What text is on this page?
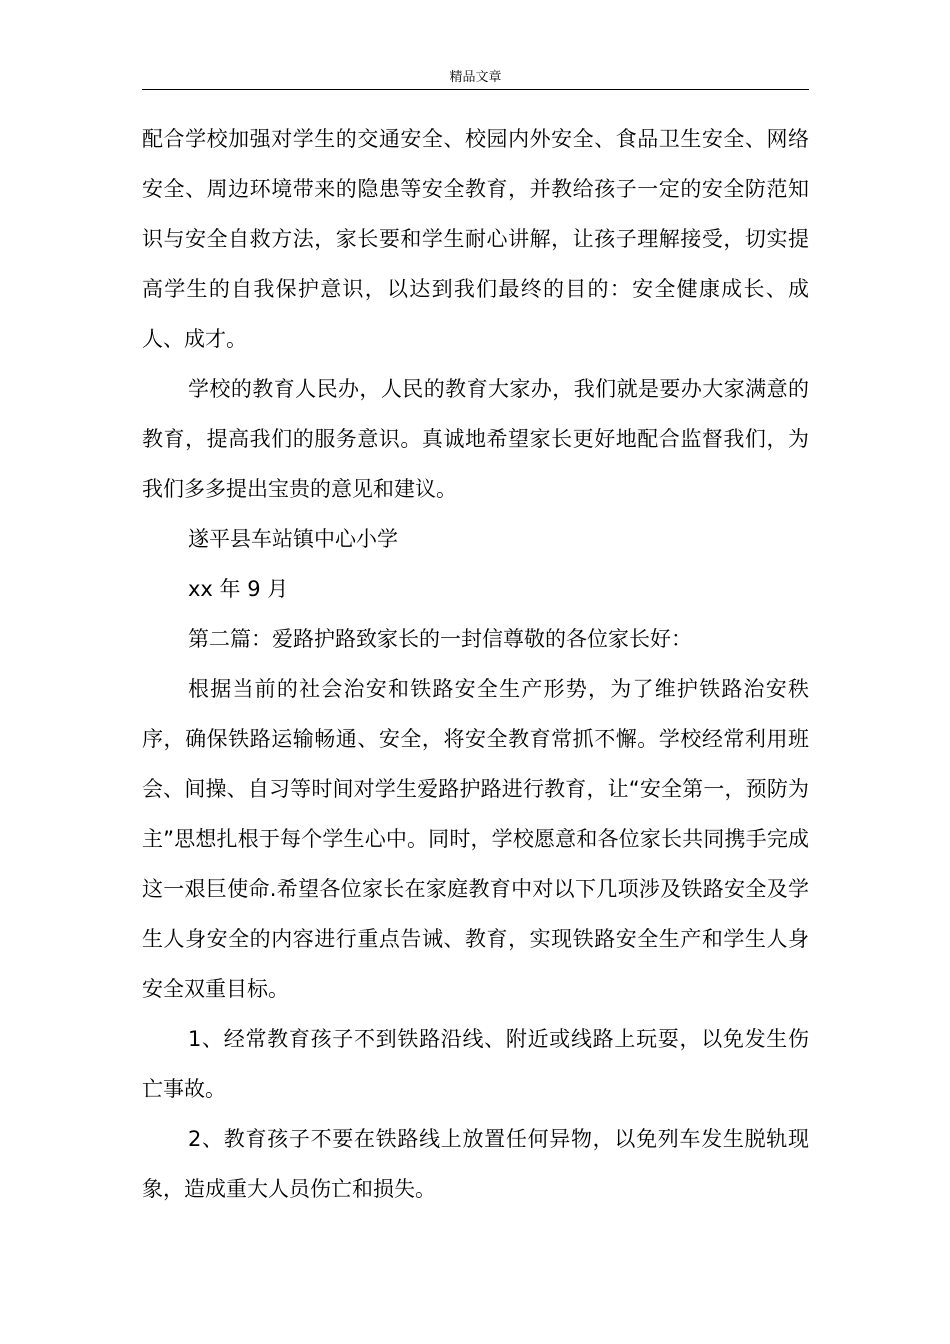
精品文章

配合学校加强对学生的交通安全、校园内外安全、食品卫生安全、网络安全、周边环境带来的隐患等安全教育，并教给孩子一定的安全防范知识与安全自救方法，家长要和学生耐心讲解，让孩子理解接受，切实提高学生的自我保护意识，以达到我们最终的目的：安全健康成长、成人、成才。

学校的教育人民办，人民的教育大家办，我们就是要办大家满意的教育，提高我们的服务意识。真诚地希望家长更好地配合监督我们，为我们多多提出宝贵的意见和建议。

遂平县车站镇中心小学

xx 年 9 月

第二篇：爱路护路致家长的一封信尊敬的各位家长好：

根据当前的社会治安和铁路安全生产形势，为了维护铁路治安秩序，确保铁路运输畅通、安全，将安全教育常抓不懈。学校经常利用班会、间操、自习等时间对学生爱路护路进行教育，让“安全第一，预防为主”思想扎根于每个学生心中。同时，学校愿意和各位家长共同携手完成这一艰巨使命.希望各位家长在家庭教育中对以下几项涉及铁路安全及学生人身安全的内容进行重点告诫、教育，实现铁路安全生产和学生人身安全双重目标。

1、经常教育孩子不到铁路沿线、附近或线路上玩耍，以免发生伤亡事故。

2、教育孩子不要在铁路线上放置任何异物，以免列车发生脱轨现象，造成重大人员伤亡和损失。
